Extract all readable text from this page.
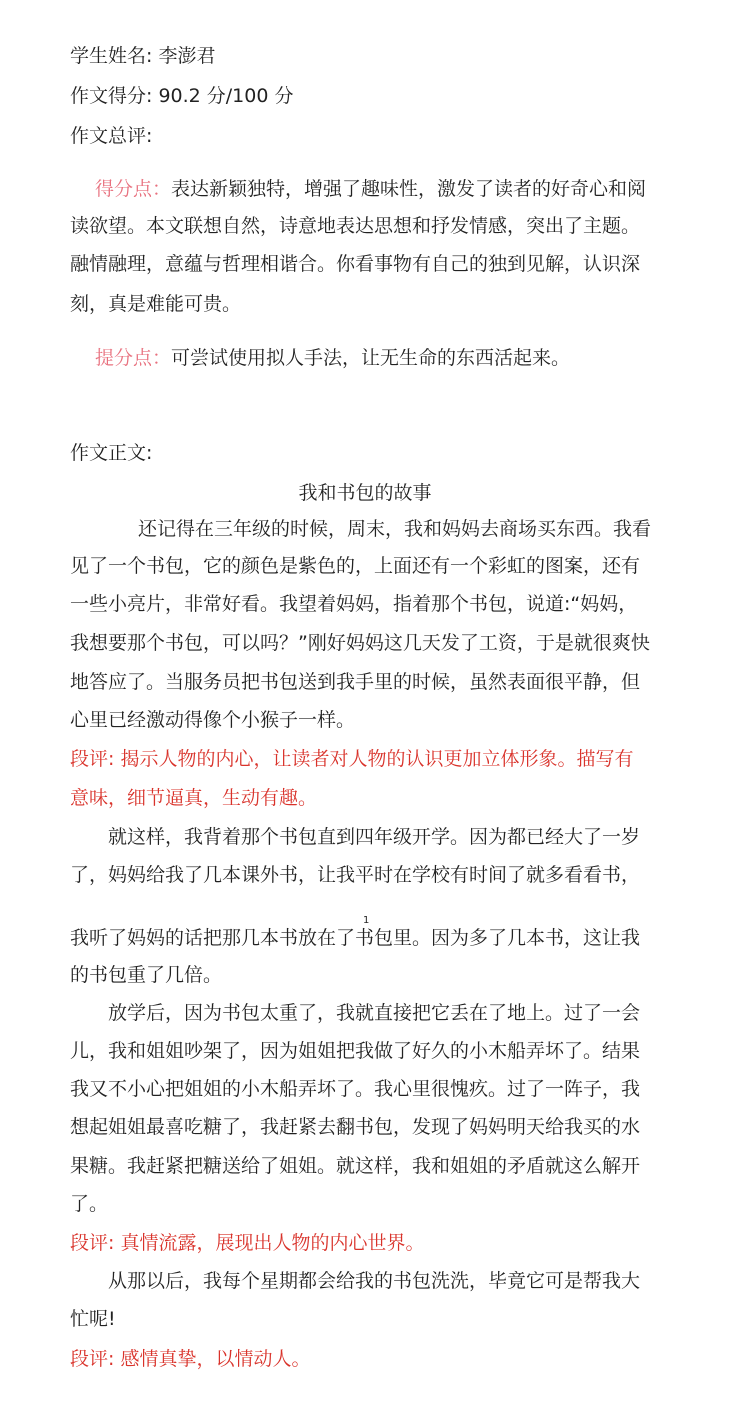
学生姓名: 李澎君
作文得分: 90.2 分/100 分
作文总评:
得分点：表达新颖独特，增强了趣味性，激发了读者的好奇心和阅
读欲望。本文联想自然，诗意地表达思想和抒发情感，突出了主题。
融情融理，意蕴与哲理相谐合。你看事物有自己的独到见解，认识深
刻，真是难能可贵。
提分点：可尝试使用拟人手法，让无生命的东西活起来。
作文正文:
我和书包的故事
还记得在三年级的时候，周末，我和妈妈去商场买东西。我看
见了一个书包，它的颜色是紫色的，上面还有一个彩虹的图案，还有
一些小亮片，非常好看。我望着妈妈，指着那个书包，说道:“妈妈，
我想要那个书包，可以吗？”刚好妈妈这几天发了工资，于是就很爽快
地答应了。当服务员把书包送到我手里的时候，虽然表面很平静，但
心里已经激动得像个小猴子一样。
段评: 揭示人物的内心，让读者对人物的认识更加立体形象。描写有
意味，细节逼真，生动有趣。
就这样，我背着那个书包直到四年级开学。因为都已经大了一岁
了，妈妈给我了几本课外书，让我平时在学校有时间了就多看看书，
1
我听了妈妈的话把那几本书放在了书包里。因为多了几本书，这让我
的书包重了几倍。
放学后，因为书包太重了，我就直接把它丢在了地上。过了一会
儿，我和姐姐吵架了，因为姐姐把我做了好久的小木船弄坏了。结果
我又不小心把姐姐的小木船弄坏了。我心里很愧疚。过了一阵子，我
想起姐姐最喜吃糖了，我赶紧去翻书包，发现了妈妈明天给我买的水
果糖。我赶紧把糖送给了姐姐。就这样，我和姐姐的矛盾就这么解开
了。
段评: 真情流露，展现出人物的内心世界。
从那以后，我每个星期都会给我的书包洗洗，毕竟它可是帮我大
忙呢!
段评: 感情真挚，以情动人。
